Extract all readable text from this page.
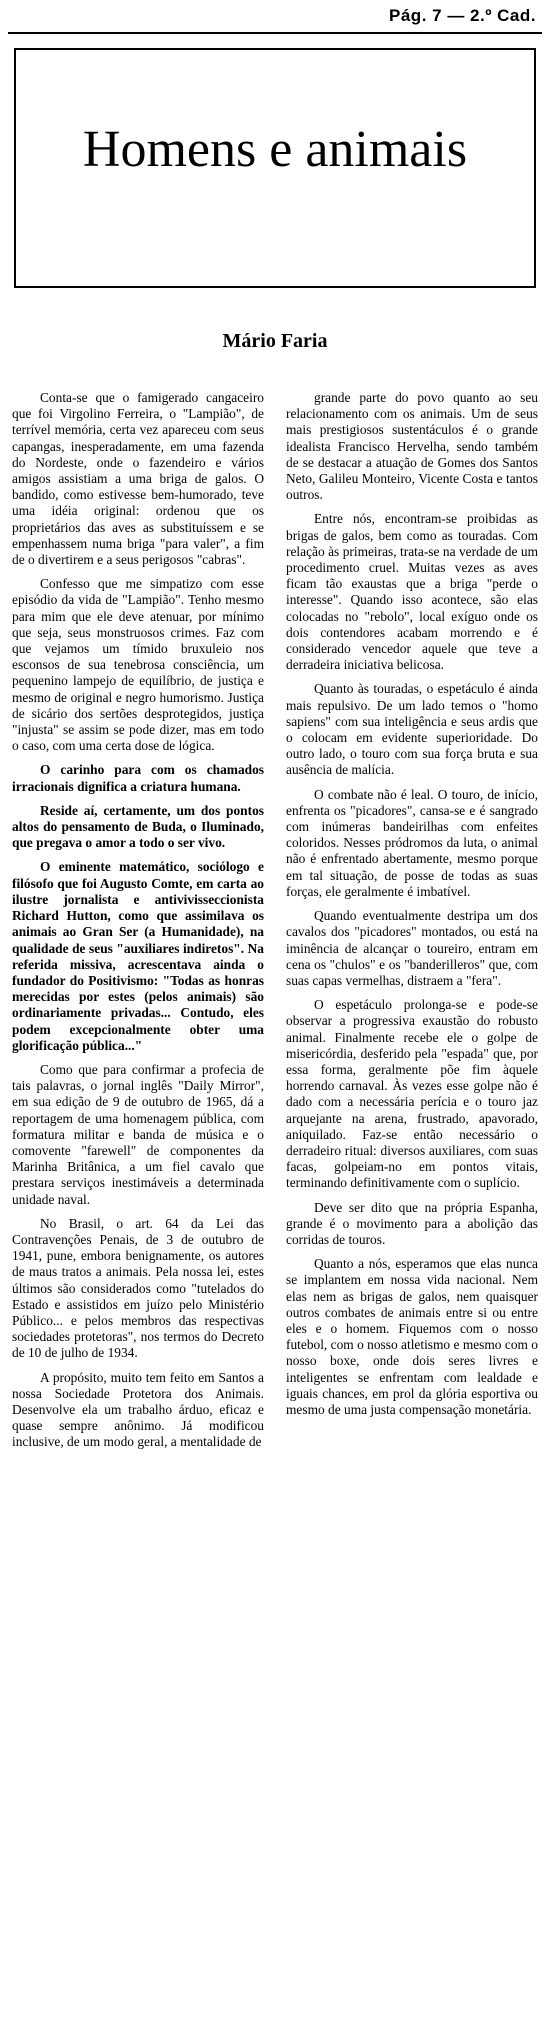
Pág. 7 — 2.º Cad.
Homens e animais
Mário Faria

Conta-se que o famigerado cangaceiro que foi Virgolino Ferreira, o "Lampião", de terrível memória, certa vez apareceu com seus capangas, inesperadamente, em uma fazenda do Nordeste, onde o fazendeiro e vários amigos assistiam a uma briga de galos. O bandido, como estivesse bem-humorado, teve uma idéia original: ordenou que os proprietários das aves as substituíssem e se empenhassem numa briga "para valer", a fim de o divertirem e a seus perigosos "cabras".

Confesso que me simpatizo com esse episódio da vida de "Lampião". Tenho mesmo para mim que ele deve atenuar, por mínimo que seja, seus monstruosos crimes. Faz com que vejamos um tímido bruxuleio nos esconsos de sua tenebrosa consciência, um pequenino lampejo de equilíbrio, de justiça e mesmo de original e negro humorismo. Justiça de sicário dos sertões desprotegidos, justiça "injusta" se assim se pode dizer, mas em todo o caso, com uma certa dose de lógica.

O carinho para com os chamados irracionais dignifica a criatura humana.

Reside aí, certamente, um dos pontos altos do pensamento de Buda, o Iluminado, que pregava o amor a todo o ser vivo.

O eminente matemático, sociólogo e filósofo que foi Augusto Comte, em carta ao ilustre jornalista e antivivisseccionista Richard Hutton, como que assimilava os animais ao Gran Ser (a Humanidade), na qualidade de seus "auxiliares indiretos". Na referida missiva, acrescentava ainda o fundador do Positivismo: "Todas as honras merecidas por estes (pelos animais) são ordinariamente privadas... Contudo, eles podem excepcionalmente obter uma glorificação pública..."

Como que para confirmar a profecia de tais palavras, o jornal inglês "Daily Mirror", em sua edição de 9 de outubro de 1965, dá a reportagem de uma homenagem pública, com formatura militar e banda de música e o comovente "farewell" de componentes da Marinha Britânica, a um fiel cavalo que prestara serviços inestimáveis a determinada unidade naval.

No Brasil, o art. 64 da Lei das Contravenções Penais, de 3 de outubro de 1941, pune, embora benignamente, os autores de maus tratos a animais. Pela nossa lei, estes últimos são considerados como "tutelados do Estado e assistidos em juízo pelo Ministério Público... e pelos membros das respectivas sociedades protetoras", nos termos do Decreto de 10 de julho de 1934.

A propósito, muito tem feito em Santos a nossa Sociedade Protetora dos Animais. Desenvolve ela um trabalho árduo, eficaz e quase sempre anônimo. Já modificou inclusive, de um modo geral, a mentalidade de

grande parte do povo quanto ao seu relacionamento com os animais. Um de seus mais prestigiosos sustentáculos é o grande idealista Francisco Hervelha, sendo também de se destacar a atuação de Gomes dos Santos Neto, Galileu Monteiro, Vicente Costa e tantos outros.

Entre nós, encontram-se proibidas as brigas de galos, bem como as touradas. Com relação às primeiras, trata-se na verdade de um procedimento cruel. Muitas vezes as aves ficam tão exaustas que a briga "perde o interesse". Quando isso acontece, são elas colocadas no "rebolo", local exíguo onde os dois contendores acabam morrendo e é considerado vencedor aquele que teve a derradeira iniciativa belicosa.

Quanto às touradas, o espetáculo é ainda mais repulsivo. De um lado temos o "homo sapiens" com sua inteligência e seus ardis que o colocam em evidente superioridade. Do outro lado, o touro com sua força bruta e sua ausência de malícia.

O combate não é leal. O touro, de início, enfrenta os "picadores", cansa-se e é sangrado com inúmeras bandeirilhas com enfeites coloridos. Nesses pródromos da luta, o animal não é enfrentado abertamente, mesmo porque em tal situação, de posse de todas as suas forças, ele geralmente é imbatível.

Quando eventualmente destripa um dos cavalos dos "picadores" montados, ou está na iminência de alcançar o toureiro, entram em cena os "chulos" e os "banderilleros" que, com suas capas vermelhas, distraem a "fera".

O espetáculo prolonga-se e pode-se observar a progressiva exaustão do robusto animal. Finalmente recebe ele o golpe de misericórdia, desferido pela "espada" que, por essa forma, geralmente põe fim àquele horrendo carnaval. Às vezes esse golpe não é dado com a necessária perícia e o touro jaz arquejante na arena, frustrado, apavorado, aniquilado. Faz-se então necessário o derradeiro ritual: diversos auxiliares, com suas facas, golpeiam-no em pontos vitais, terminando definitivamente com o suplício.

Deve ser dito que na própria Espanha, grande é o movimento para a abolição das corridas de touros.

Quanto a nós, esperamos que elas nunca se implantem em nossa vida nacional. Nem elas nem as brigas de galos, nem quaisquer outros combates de animais entre si ou entre eles e o homem. Fiquemos com o nosso futebol, com o nosso atletismo e mesmo com o nosso boxe, onde dois seres livres e inteligentes se enfrentam com lealdade e iguais chances, em prol da glória esportiva ou mesmo de uma justa compensação monetária.
